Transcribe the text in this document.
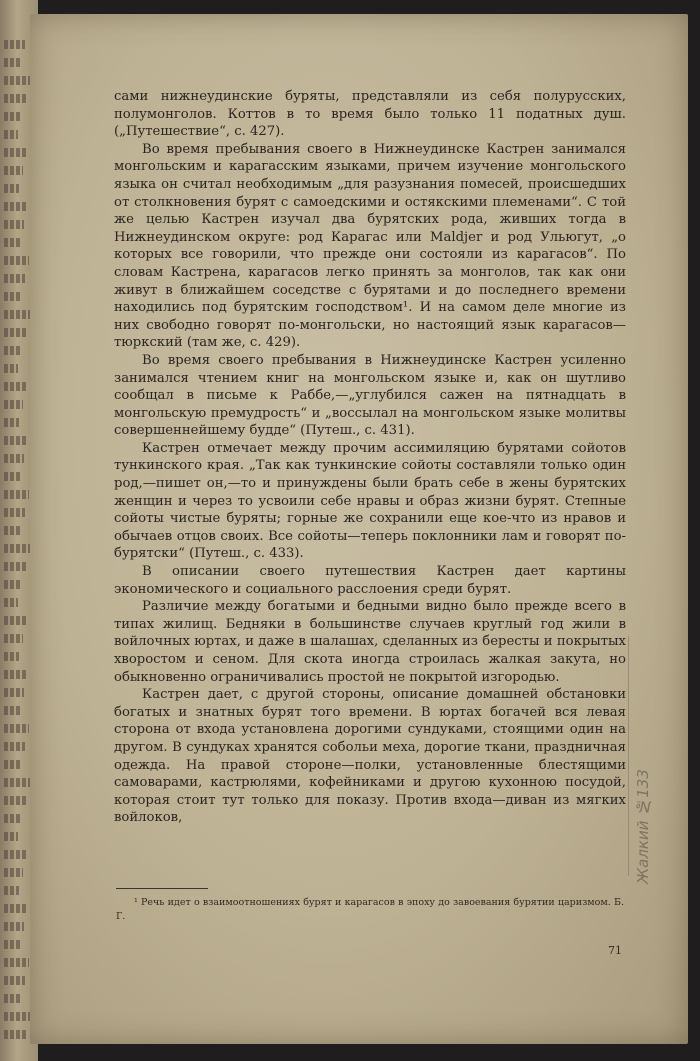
сами нижнеудинские буряты, представляли из себя полурусских, полумонголов. Коттов в то время было только 11 податных душ. („Путешествие“, с. 427).

Во время пребывания своего в Нижнеудинске Кастрен занимался монгольским и карагасским языками, причем изучение монгольского языка он считал необходимым „для разузнания помесей, происшедших от столкновения бурят с самоедскими и остякскими племенами“. С той же целью Кастрен изучал два бурятских рода, живших тогда в Нижнеудинском округе: род Карагас или Maldjer и род Ульюгут, „о которых все говорили, что прежде они состояли из карагасов“. По словам Кастрена, карагасов легко принять за монголов, так как они живут в ближайшем соседстве с бурятами и до последнего времени находились под бурятским господством¹. И на самом деле многие из них свободно говорят по-монгольски, но настоящий язык карагасов—тюркский (там же, с. 429).

Во время своего пребывания в Нижнеудинске Кастрен усиленно занимался чтением книг на монгольском языке и, как он шутливо сообщал в письме к Раббе,—„углубился сажен на пятнадцать в монгольскую премудрость“ и „воссылал на монгольском языке молитвы совершеннейшему будде“ (Путеш., с. 431).

Кастрен отмечает между прочим ассимиляцию бурятами сойотов тункинского края. „Так как тункинские сойоты составляли только один род,—пишет он,—то и принуждены были брать себе в жены бурятских женщин и через то усвоили себе нравы и образ жизни бурят. Степные сойоты чистые буряты; горные же сохранили еще кое-что из нравов и обычаев отцов своих. Все сойоты—теперь поклонники лам и говорят по-бурятски“ (Путеш., с. 433).

В описании своего путешествия Кастрен дает картины экономического и социального расслоения среди бурят.

Различие между богатыми и бедными видно было прежде всего в типах жилищ. Бедняки в большинстве случаев круглый год жили в войлочных юртах, и даже в шалашах, сделанных из бересты и покрытых хворостом и сеном. Для скота иногда строилась жалкая закута, но обыкновенно ограничивались простой не покрытой изгородью.

Кастрен дает, с другой стороны, описание домашней обстановки богатых и знатных бурят того времени. В юртах богачей вся левая сторона от входа установлена дорогими сундуками, стоящими один на другом. В сундуках хранятся собольи меха, дорогие ткани, праздничная одежда. На правой стороне—полки, установленные блестящими самоварами, кастрюлями, кофейниками и другою кухонною посудой, которая стоит тут только для показу. Против входа—диван из мягких войлоков,

¹ Речь идет о взаимоотношениях бурят и карагасов в эпоху до завоевания бурятии царизмом. Б. Г.
71
Жалкий №133
